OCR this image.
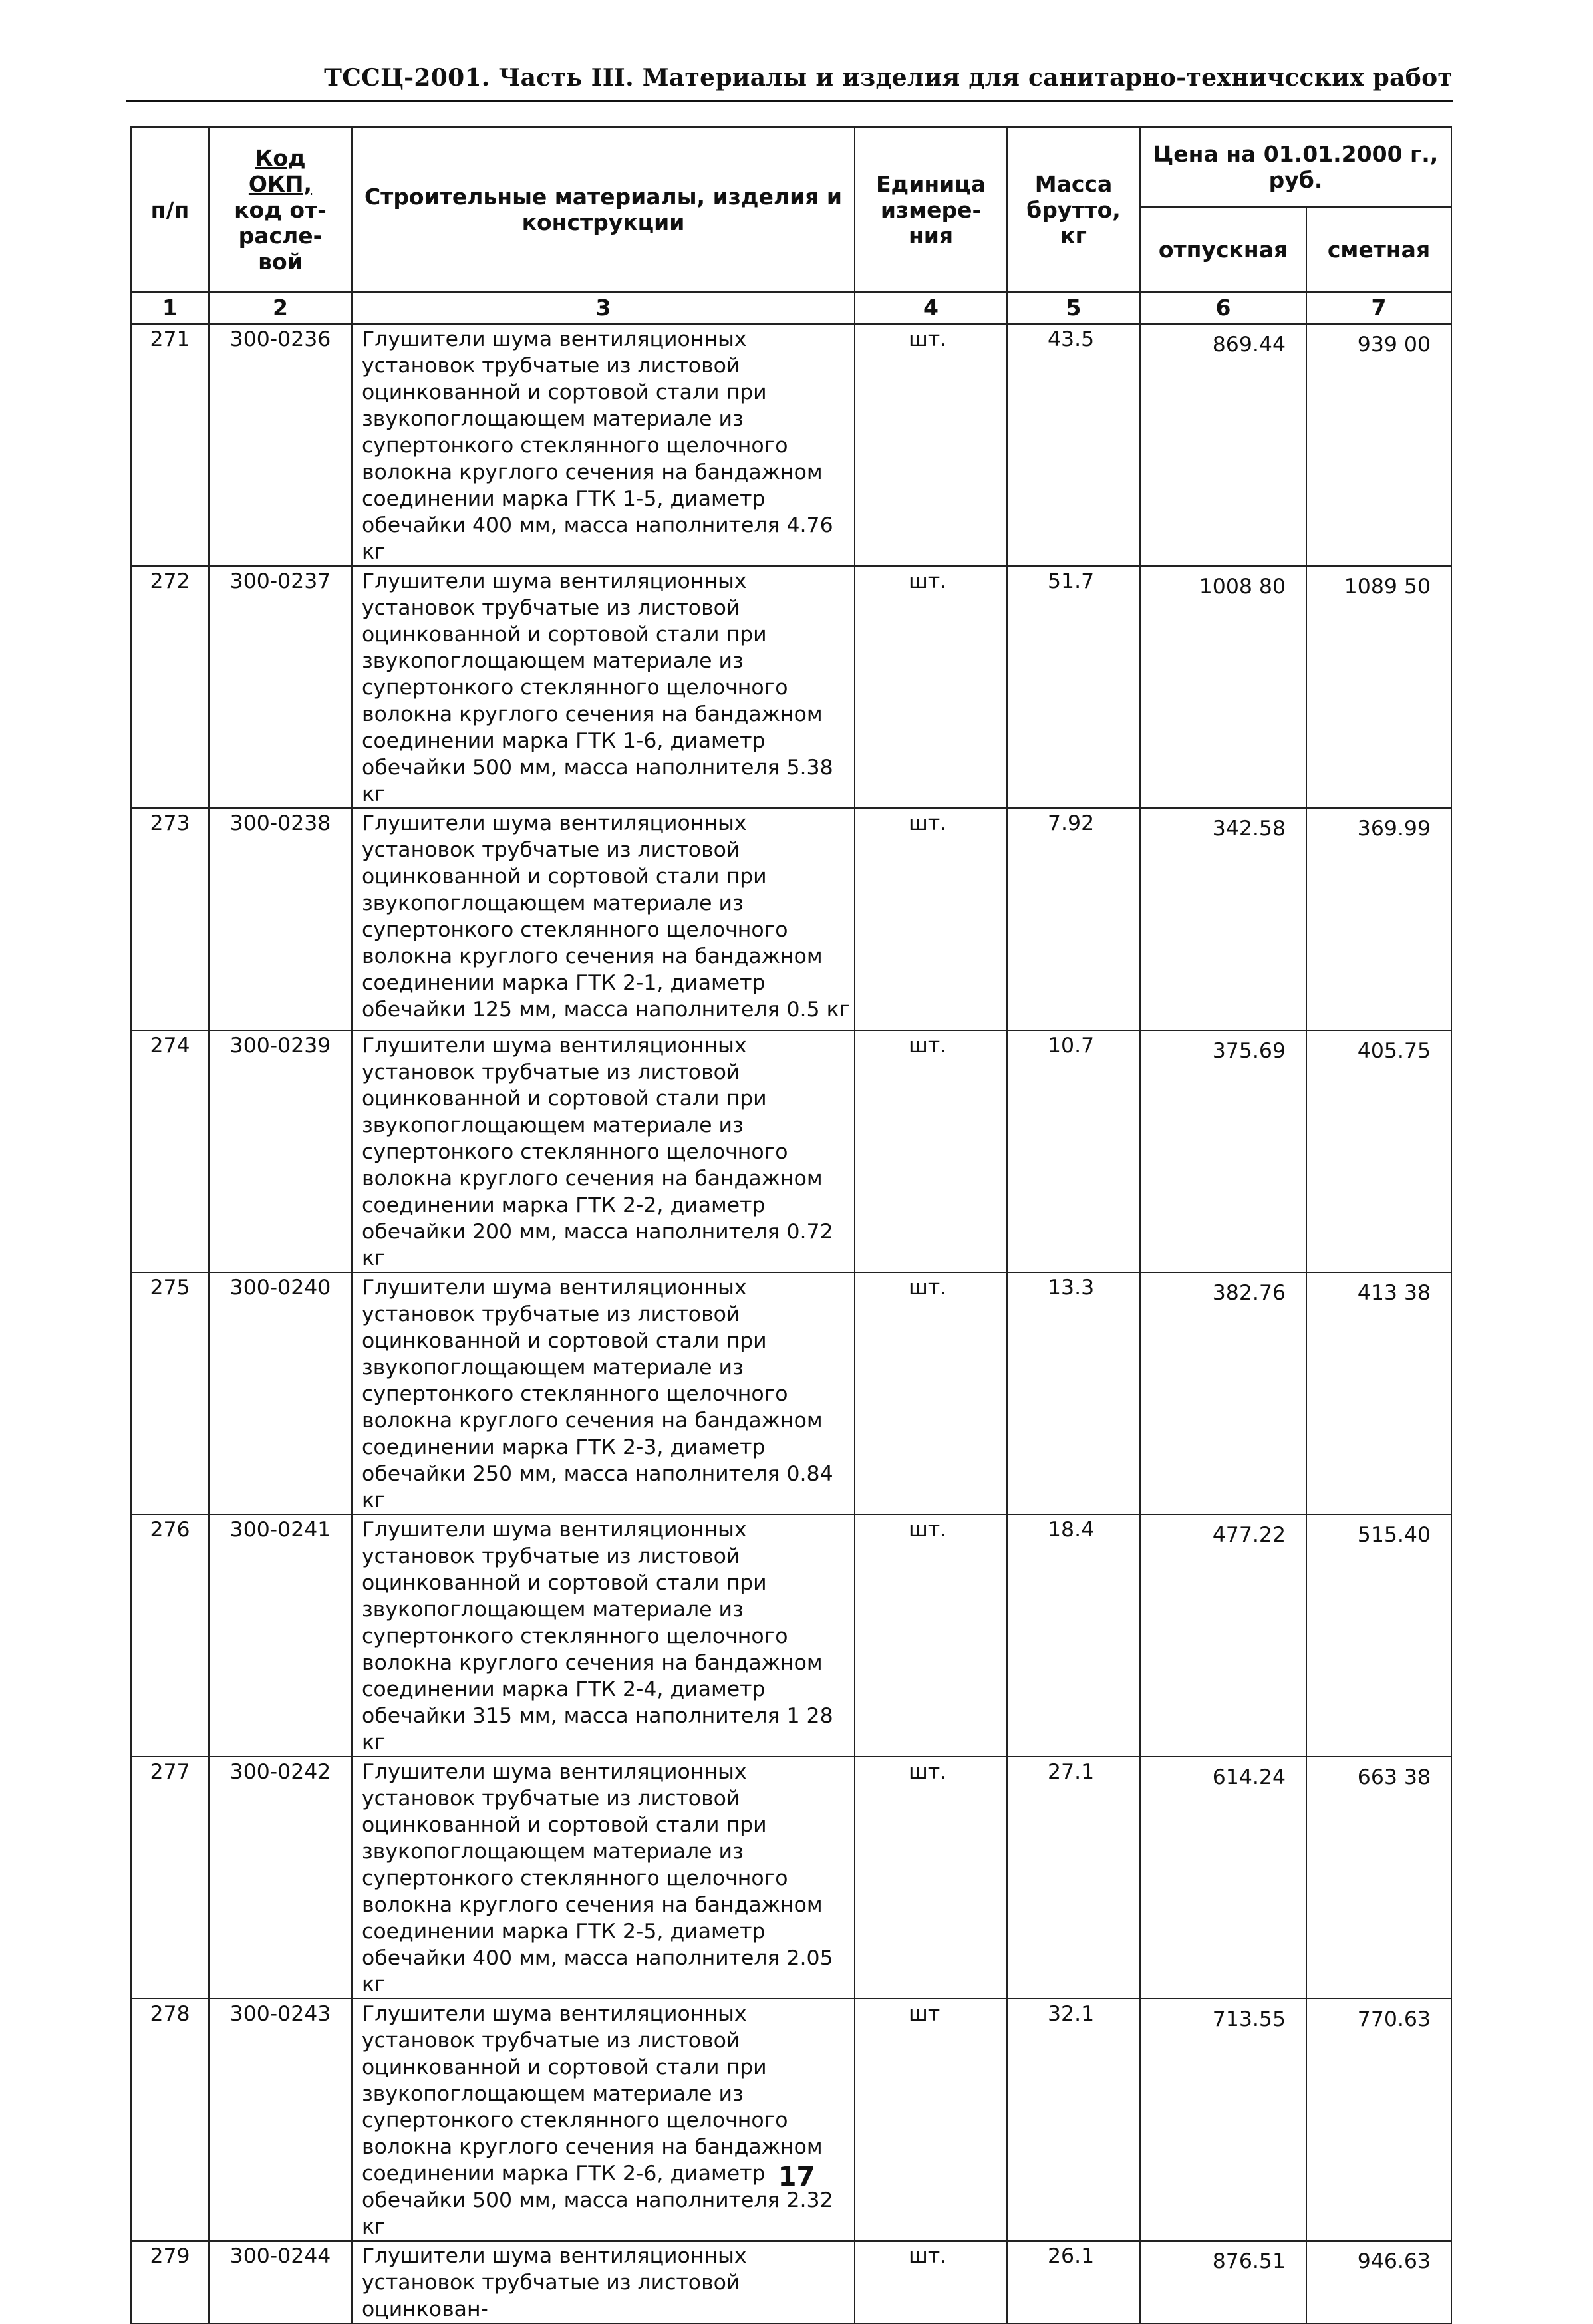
ТССЦ-2001. Часть III. Материалы и изделия для санитарно-техничсских работ
п/п	Код
ОКП,
код от-
расле-
вой	Строительные материалы, изделия и конструкции	Единица измере-ния	Масса брутто, кг	Цена на 01.01.2000 г., руб.	
					отпускная	сметная
1	2	3	4	5	6	7
271	300-0236	Глушители шума вентиляционных установок трубчатые из листовой оцинкованной и сортовой стали при звукопоглощающем материале из супертонкого стеклянного щелочного волокна круглого сечения на бандажном соединении марка ГТК 1-5, диаметр обечайки 400 мм, масса наполнителя 4.76 кг	шт.	43.5	869.44	939 00
272	300-0237	Глушители шума вентиляционных установок трубчатые из листовой оцинкованной и сортовой стали при звукопоглощающем материале из супертонкого стеклянного щелочного волокна круглого сечения на бандажном соединении марка ГТК 1-6, диаметр обечайки 500 мм, масса наполнителя 5.38 кг	шт.	51.7	1008 80	1089 50
273	300-0238	Глушители шума вентиляционных установок трубчатые из листовой оцинкованной и сортовой стали при звукопоглощающем материале из супертонкого стеклянного щелочного волокна круглого сечения на бандажном соединении марка ГТК 2-1, диаметр обечайки 125 мм, масса наполнителя 0.5 кг	шт.	7.92	342.58	369.99
274	300-0239	Глушители шума вентиляционных установок трубчатые из листовой оцинкованной и сортовой стали при звукопоглощающем материале из супертонкого стеклянного щелочного волокна круглого сечения на бандажном соединении марка ГТК 2-2, диаметр обечайки 200 мм, масса наполнителя 0.72 кг	шт.	10.7	375.69	405.75
275	300-0240	Глушители шума вентиляционных установок трубчатые из листовой оцинкованной и сортовой стали при звукопоглощающем материале из супертонкого стеклянного щелочного волокна круглого сечения на бандажном соединении марка ГТК 2-3, диаметр обечайки 250 мм, масса наполнителя 0.84 кг	шт.	13.3	382.76	413 38
276	300-0241	Глушители шума вентиляционных установок трубчатые из листовой оцинкованной и сортовой стали при звукопоглощающем материале из супертонкого стеклянного щелочного волокна круглого сечения на бандажном соединении марка ГТК 2-4, диаметр обечайки 315 мм, масса наполнителя 1 28 кг	шт.	18.4	477.22	515.40
277	300-0242	Глушители шума вентиляционных установок трубчатые из листовой оцинкованной и сортовой стали при звукопоглощающем материале из супертонкого стеклянного щелочного волокна круглого сечения на бандажном соединении марка ГТК 2-5, диаметр обечайки 400 мм, масса наполнителя 2.05 кг	шт.	27.1	614.24	663 38
278	300-0243	Глушители шума вентиляционных установок трубчатые из листовой оцинкованной и сортовой стали при звукопоглощающем материале из супертонкого стеклянного щелочного волокна круглого сечения на бандажном соединении марка ГТК 2-6, диаметр обечайки 500 мм, масса наполнителя 2.32 кг	шт	32.1	713.55	770.63
279	300-0244	Глушители шума вентиляционных установок трубчатые из листовой оцинкован-	шт.	26.1	876.51	946.63
17
